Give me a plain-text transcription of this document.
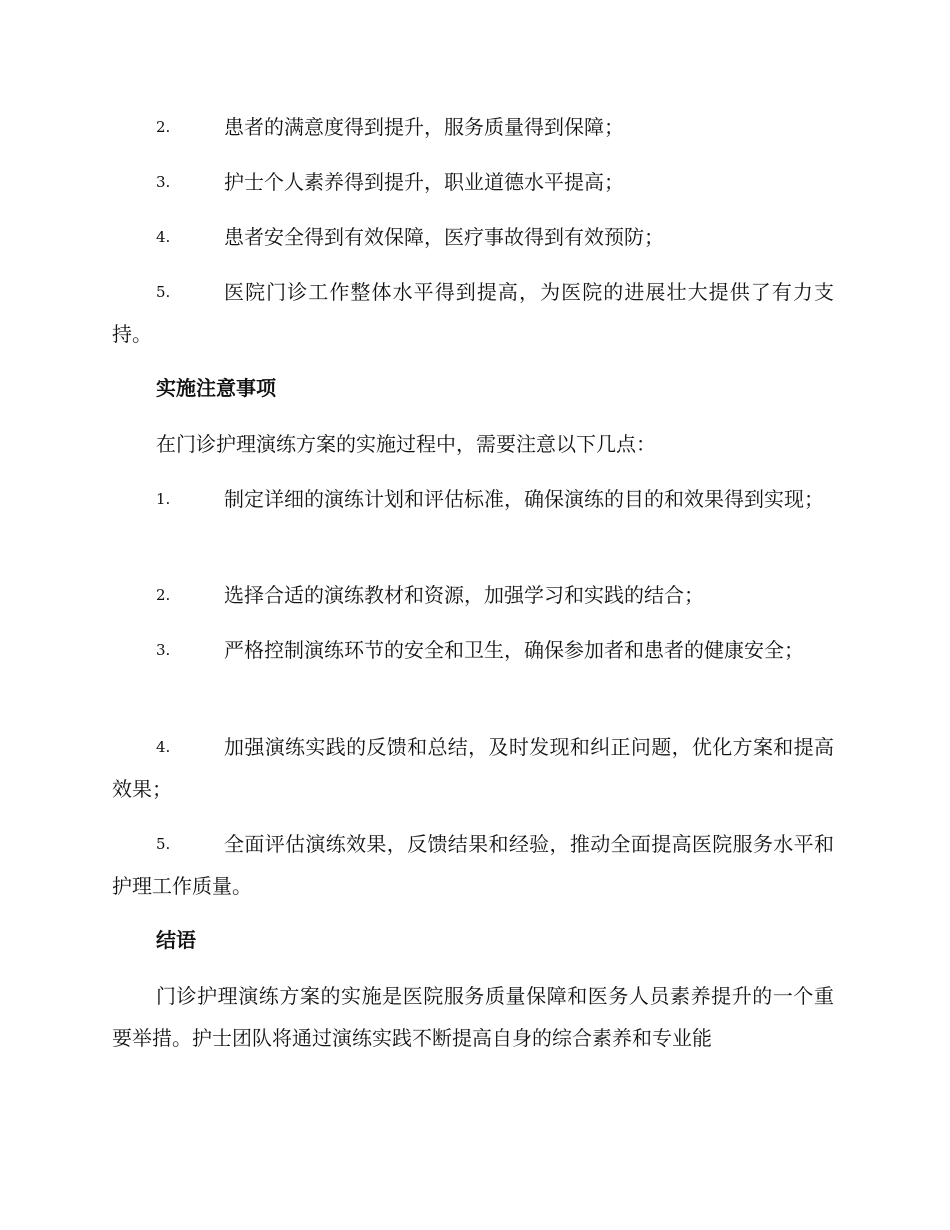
2.	患者的满意度得到提升，服务质量得到保障；
3.	护士个人素养得到提升，职业道德水平提高；
4.	患者安全得到有效保障，医疗事故得到有效预防；
5.	医院门诊工作整体水平得到提高，为医院的进展壮大提供了有力支持。
实施注意事项
在门诊护理演练方案的实施过程中，需要注意以下几点：
1.	制定详细的演练计划和评估标准，确保演练的目的和效果得到实现；
2.	选择合适的演练教材和资源，加强学习和实践的结合；
3.	严格控制演练环节的安全和卫生，确保参加者和患者的健康安全；
4.	加强演练实践的反馈和总结，及时发现和纠正问题，优化方案和提高效果；
5.	全面评估演练效果，反馈结果和经验，推动全面提高医院服务水平和护理工作质量。
结语
门诊护理演练方案的实施是医院服务质量保障和医务人员素养提升的一个重要举措。护士团队将通过演练实践不断提高自身的综合素养和专业能
